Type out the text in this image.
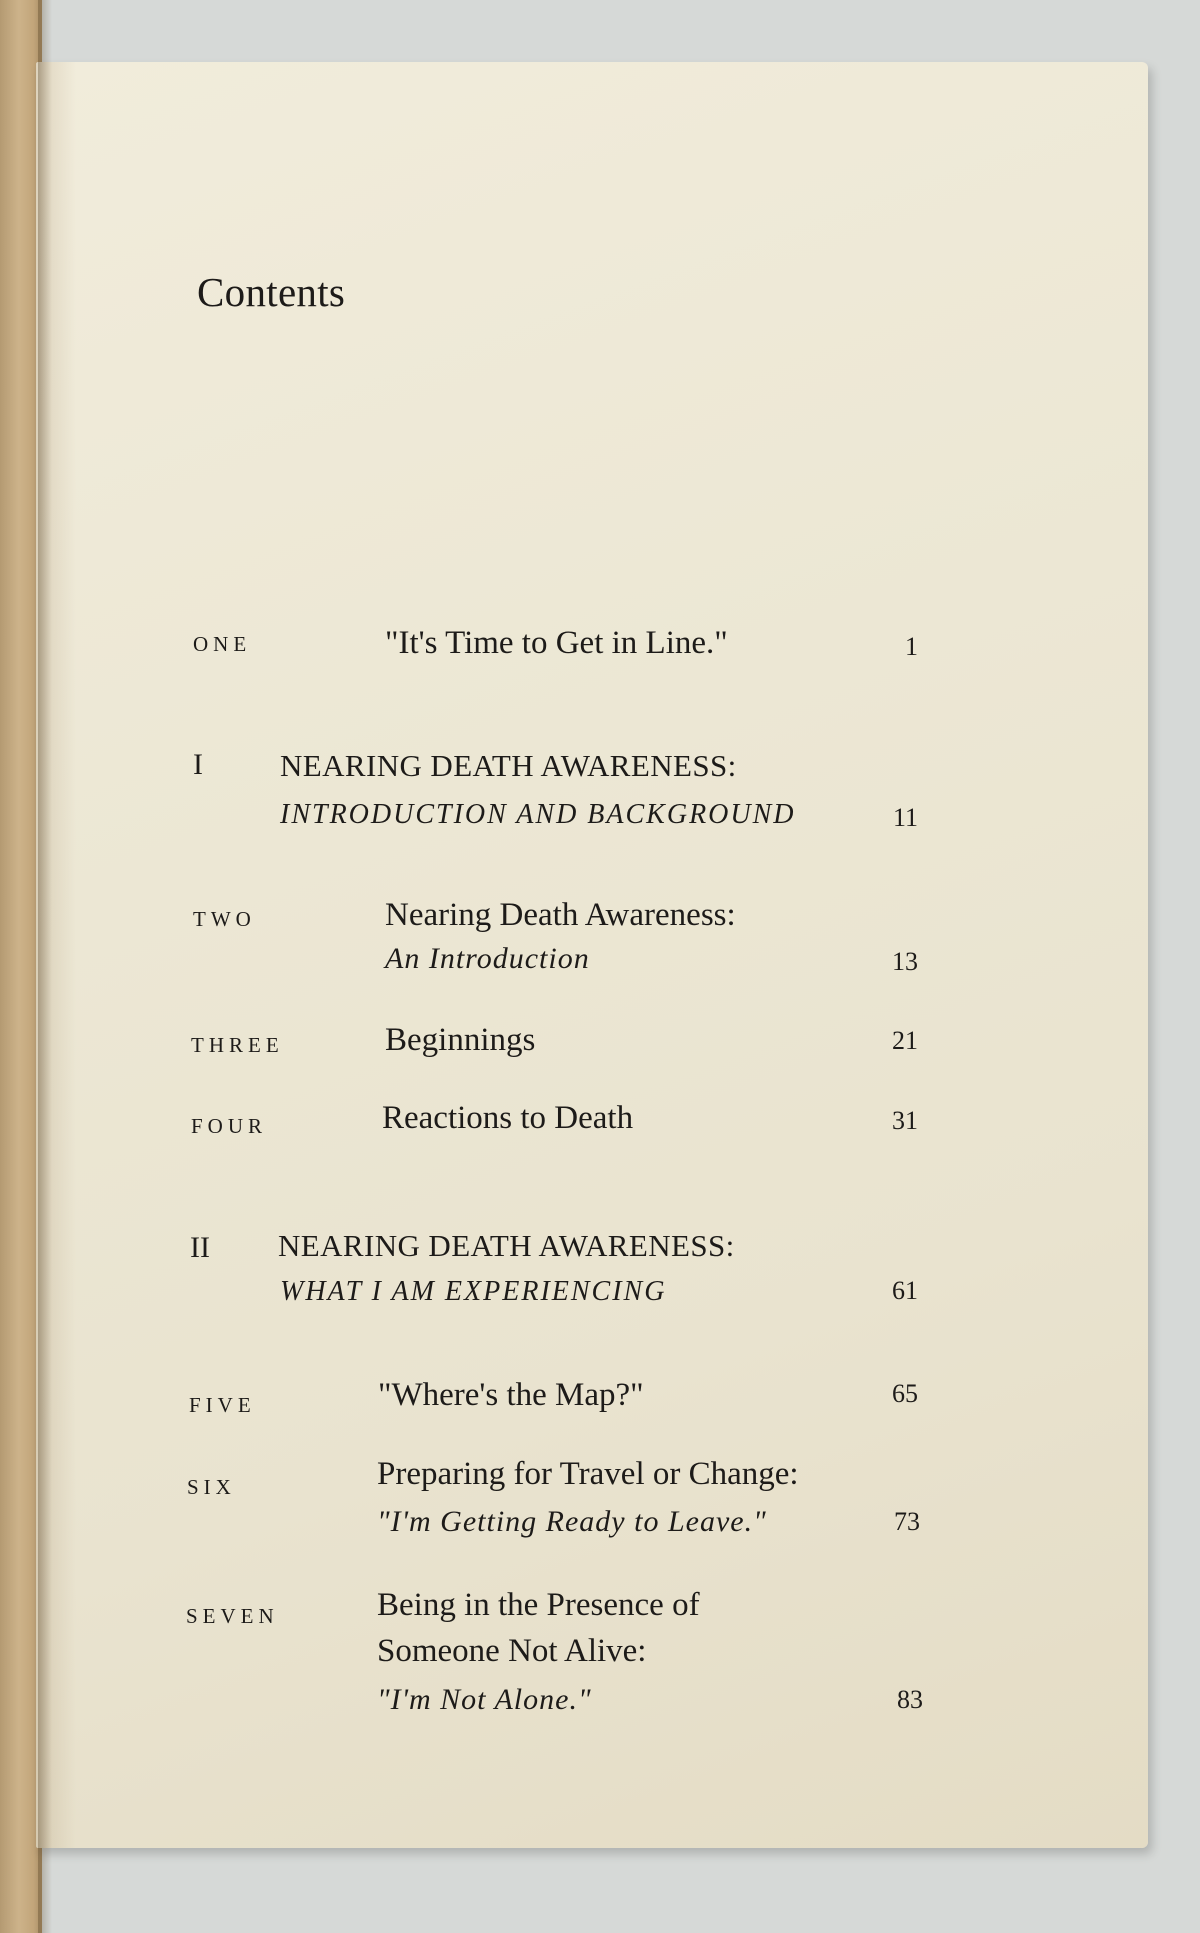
Contents
ONE	"It's Time to Get in Line."	1
I NEARING DEATH AWARENESS:
INTRODUCTION AND BACKGROUND	11
TWO	Nearing Death Awareness:
An Introduction	13
THREE	Beginnings	21
FOUR	Reactions to Death	31
II NEARING DEATH AWARENESS:
WHAT I AM EXPERIENCING	61
FIVE	"Where's the Map?"	65
SIX	Preparing for Travel or Change:
"I'm Getting Ready to Leave."	73
SEVEN	Being in the Presence of
Someone Not Alive:
"I'm Not Alone."	83
